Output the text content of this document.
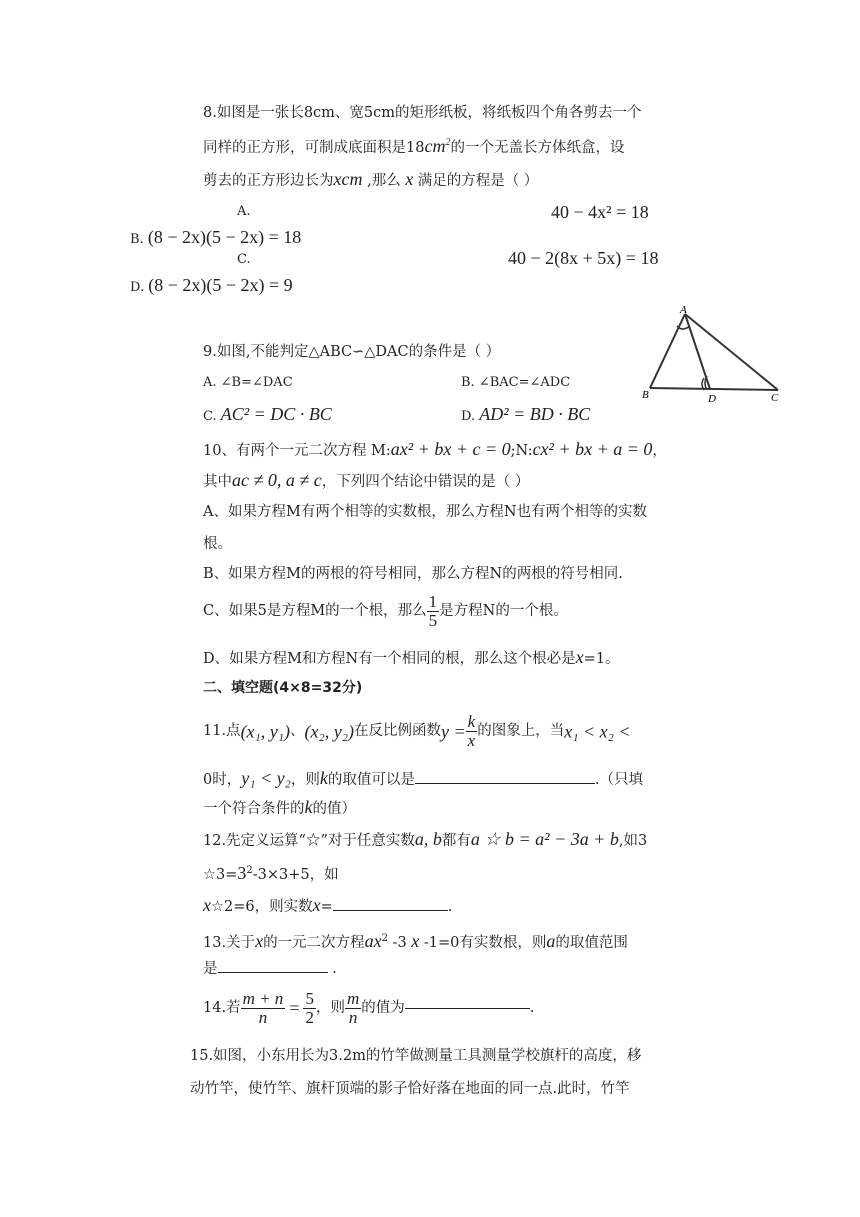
8.如图是一张长8cm、宽5cm的矩形纸板，将纸板四个角各剪去一个
同样的正方形，可制成底面积是$18cm^2$的一个无盖长方体纸盒，设
剪去的正方形边长为xcm ,那么 x 满足的方程是（ ）
A.	40 − 4x² = 18
B. (8 − 2x)(5 − 2x) = 18
C.	40 − 2(8x + 5x) = 18
D. (8 − 2x)(5 − 2x) = 9
A
B	D	C
9.如图,不能判定△ABC∽△DAC的条件是（ ）
A. ∠B=∠DAC	B. ∠BAC=∠ADC
C. AC² = DC · BC	D. AD² = BD · BC
10、有两个一元二次方程 M:ax² + bx + c = 0;N:cx² + bx + a = 0，
其中ac ≠ 0, a ≠ c，下列四个结论中错误的是（ ）
A、如果方程M有两个相等的实数根，那么方程N也有两个相等的实数
根。
B、如果方程M的两根的符号相同，那么方程N的两根的符号相同.
C、如果5是方程M的一个根，那么 $\frac{1}{5}$ 是方程N的一个根。
D、如果方程M和方程N有一个相同的根，那么这个根必是x=1。
二、填空题(4×8=32分)
11.点(x₁, y₁)、(x₂, y₂)在反比例函数$y = \frac{k}{x}$ 的图象上，当x₁ < x₂ <
0时，y₁ < y₂，则k的取值可以是	.（只填
一个符合条件的k的值）
12.先定义运算“☆”对于任意实数a, b都有a ☆ b = a² − 3a + b,如3
$☆3=3^2-3\times 3+5$，如
x☆2=6，则实数x=	.
13.关于x的一元二次方程$ax^2$ -3 x -1=0有实数根，则a的取值范围
是	.
14.若 $\frac{m + n}{n} = \frac{5}{2}$ ，则 $\frac{m}{n}$ 的值为	.
15.如图，小东用长为3.2m的竹竿做测量工具测量学校旗杆的高度，移
动竹竿，使竹竿、旗杆顶端的影子恰好落在地面的同一点.此时，竹竿
